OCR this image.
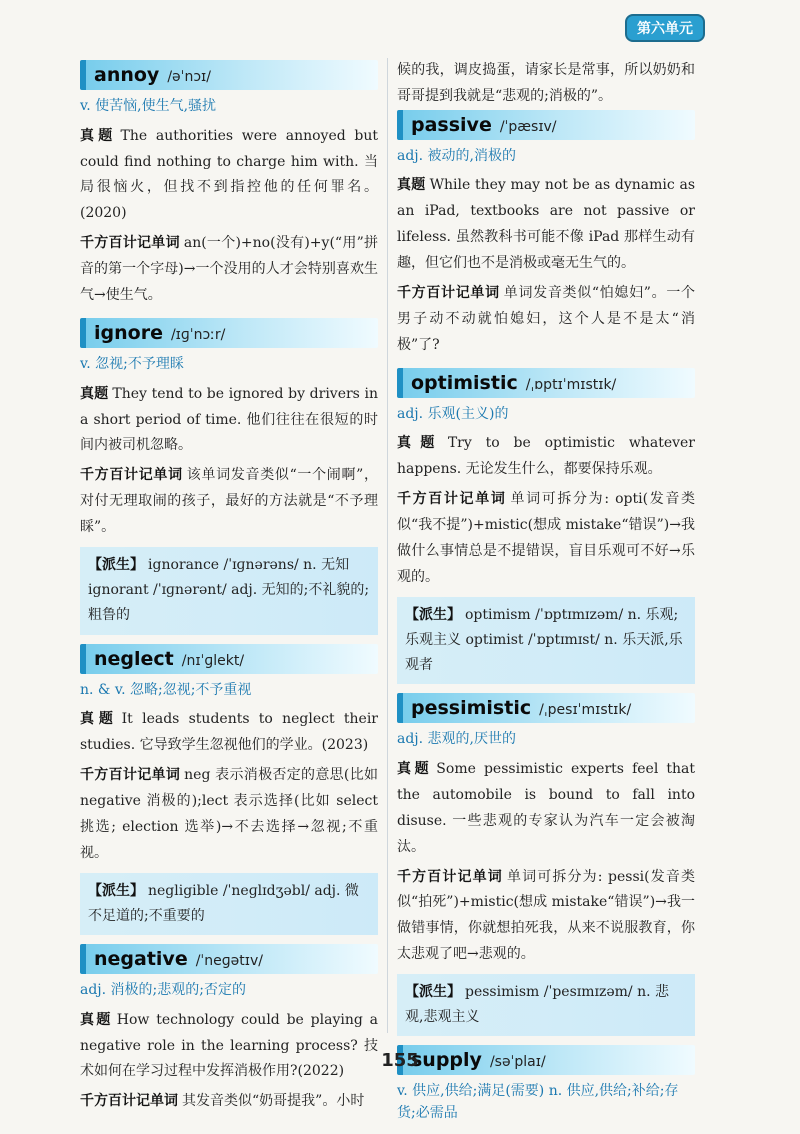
第六单元
annoy /əˈnɔɪ/
v. 使苦恼,使生气,骚扰

真题 The authorities were annoyed but could find nothing to charge him with. 当局很恼火，但找不到指控他的任何罪名。(2020)

千方百计记单词 an(一个)+no(没有)+y(“用”拼音的第一个字母)→一个没用的人才会特别喜欢生气→使生气。

ignore /ɪɡˈnɔːr/
v. 忽视;不予理睬

真题 They tend to be ignored by drivers in a short period of time. 他们往往在很短的时间内被司机忽略。

千方百计记单词 该单词发音类似“一个闹啊”，对付无理取闹的孩子，最好的方法就是“不予理睬”。

【派生】 ignorance /ˈɪɡnərəns/ n. 无知 ignorant /ˈɪɡnərənt/ adj. 无知的;不礼貌的;粗鲁的
neglect /nɪˈɡlekt/
n. & v. 忽略;忽视;不予重视

真题 It leads students to neglect their studies. 它导致学生忽视他们的学业。(2023)

千方百计记单词 neg 表示消极否定的意思(比如 negative 消极的);lect 表示选择(比如 select 挑选; election 选举)→不去选择→忽视;不重视。

【派生】 negligible /ˈneɡlɪdʒəbl/ adj. 微不足道的;不重要的
negative /ˈneɡətɪv/
adj. 消极的;悲观的;否定的

真题 How technology could be playing a negative role in the learning process? 技术如何在学习过程中发挥消极作用?(2022)

千方百计记单词 其发音类似“奶哥提我”。小时

候的我，调皮捣蛋，请家长是常事，所以奶奶和哥哥提到我就是“悲观的;消极的”。

passive /ˈpæsɪv/
adj. 被动的,消极的

真题 While they may not be as dynamic as an iPad, textbooks are not passive or lifeless. 虽然教科书可能不像 iPad 那样生动有趣，但它们也不是消极或毫无生气的。

千方百计记单词 单词发音类似“怕媳妇”。一个男子动不动就怕媳妇，这个人是不是太“消极”了?

optimistic /ˌɒptɪˈmɪstɪk/
adj. 乐观(主义)的

真题 Try to be optimistic whatever happens. 无论发生什么，都要保持乐观。

千方百计记单词 单词可拆分为: opti(发音类似“我不提”)+mistic(想成 mistake“错误”)→我做什么事情总是不提错误，盲目乐观可不好→乐观的。

【派生】 optimism /ˈɒptɪmɪzəm/ n. 乐观;乐观主义 optimist /ˈɒptɪmɪst/ n. 乐天派,乐观者
pessimistic /ˌpesɪˈmɪstɪk/
adj. 悲观的,厌世的

真题 Some pessimistic experts feel that the automobile is bound to fall into disuse. 一些悲观的专家认为汽车一定会被淘汰。

千方百计记单词 单词可拆分为: pessi(发音类似“拍死”)+mistic(想成 mistake“错误”)→我一做错事情，你就想拍死我，从来不说服教育，你太悲观了吧→悲观的。

【派生】 pessimism /ˈpesɪmɪzəm/ n. 悲观,悲观主义
supply /səˈplaɪ/
v. 供应,供给;满足(需要) n. 供应,供给;补给;存货;必需品
155
